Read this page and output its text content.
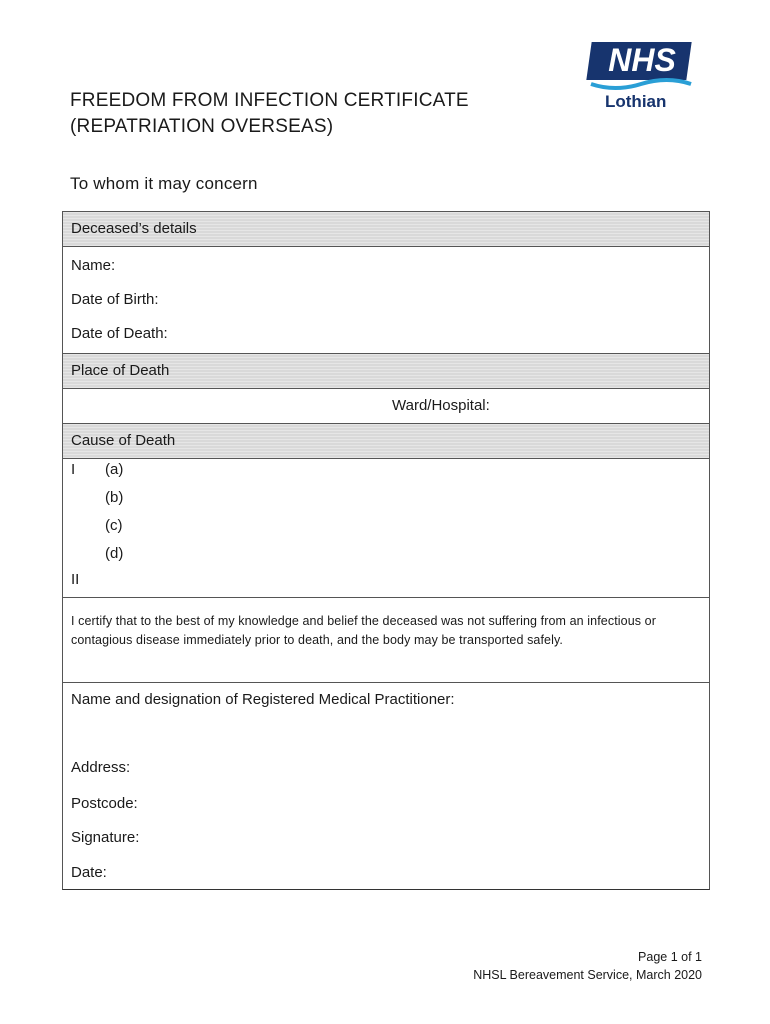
FREEDOM FROM INFECTION CERTIFICATE
(REPATRIATION OVERSEAS)
NHS
Lothian
To whom it may concern
Deceased’s details
Name:
Date of Birth:
Date of Death:
Place of Death
Ward/Hospital:
Cause of Death
I (a)
(b)
(c)
(d)
II
I certify that to the best of my knowledge and belief the deceased was not suffering from an infectious or contagious disease immediately prior to death, and the body may be transported safely.
Name and designation of Registered Medical Practitioner:
Address:
Postcode:
Signature:
Date:
Page 1 of 1
NHSL Bereavement Service, March 2020
